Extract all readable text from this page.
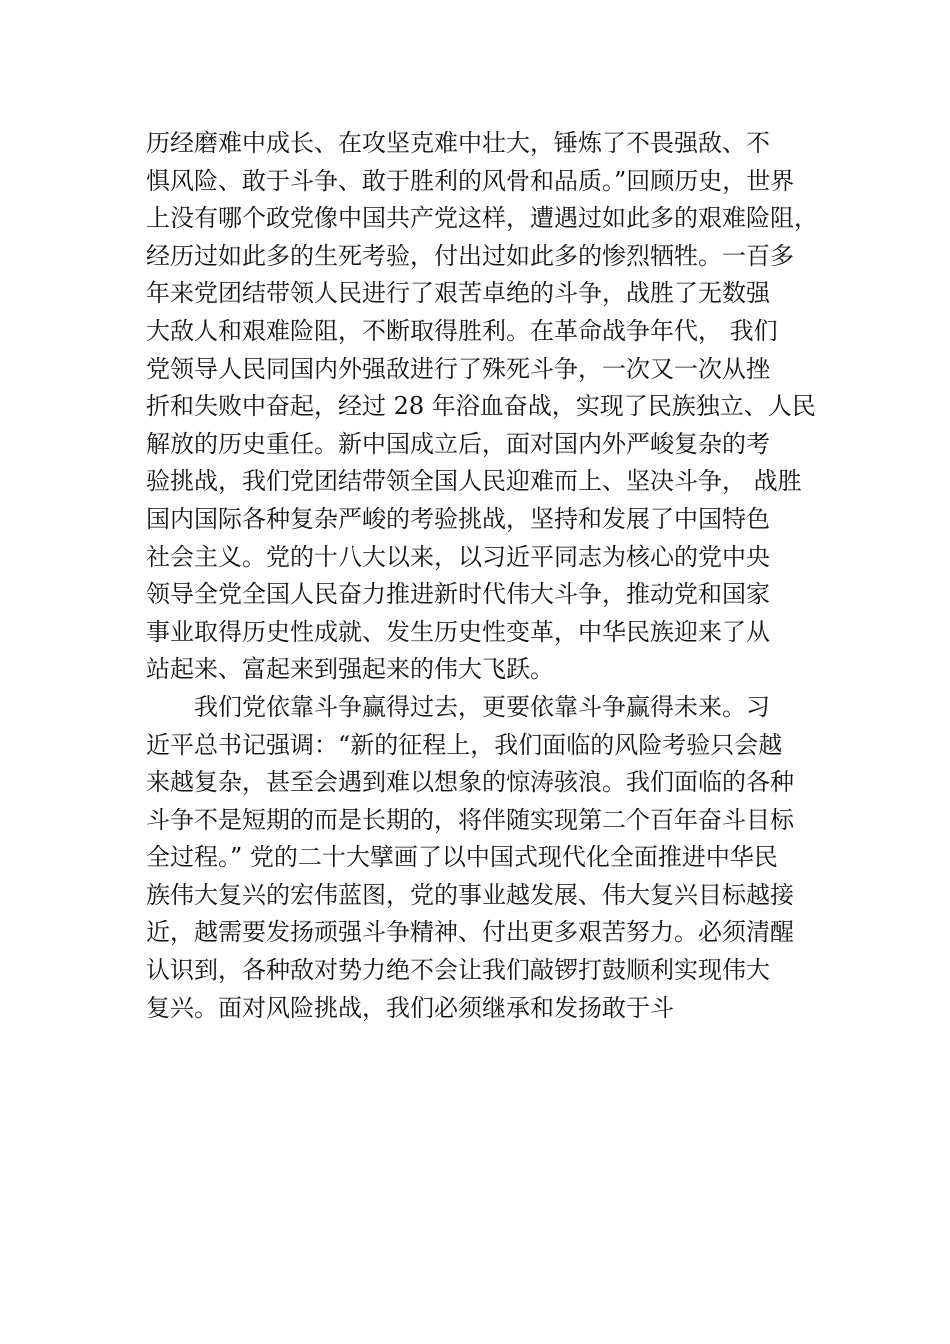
历经磨难中成长、在攻坚克难中壮大，锤炼了不畏强敌、不
惧风险、敢于斗争、敢于胜利的风骨和品质。”回顾历史，世界
上没有哪个政党像中国共产党这样，遭遇过如此多的艰难险阻，
经历过如此多的生死考验，付出过如此多的惨烈牺牲。一百多
年来党团结带领人民进行了艰苦卓绝的斗争，战胜了无数强
大敌人和艰难险阻，不断取得胜利。在革命战争年代， 我们
党领导人民同国内外强敌进行了殊死斗争，一次又一次从挫
折和失败中奋起，经过 28 年浴血奋战，实现了民族独立、人民
解放的历史重任。新中国成立后，面对国内外严峻复杂的考
验挑战，我们党团结带领全国人民迎难而上、坚决斗争， 战胜
国内国际各种复杂严峻的考验挑战，坚持和发展了中国特色
社会主义。党的十八大以来，以习近平同志为核心的党中央
领导全党全国人民奋力推进新时代伟大斗争，推动党和国家
事业取得历史性成就、发生历史性变革，中华民族迎来了从
站起来、富起来到强起来的伟大飞跃。
我们党依靠斗争赢得过去，更要依靠斗争赢得未来。习
近平总书记强调：“新的征程上，我们面临的风险考验只会越
来越复杂，甚至会遇到难以想象的惊涛骇浪。我们面临的各种
斗争不是短期的而是长期的，将伴随实现第二个百年奋斗目标
全过程。” 党的二十大擘画了以中国式现代化全面推进中华民
族伟大复兴的宏伟蓝图，党的事业越发展、伟大复兴目标越接
近，越需要发扬顽强斗争精神、付出更多艰苦努力。必须清醒
认识到，各种敌对势力绝不会让我们敲锣打鼓顺利实现伟大
复兴。面对风险挑战，我们必须继承和发扬敢于斗
